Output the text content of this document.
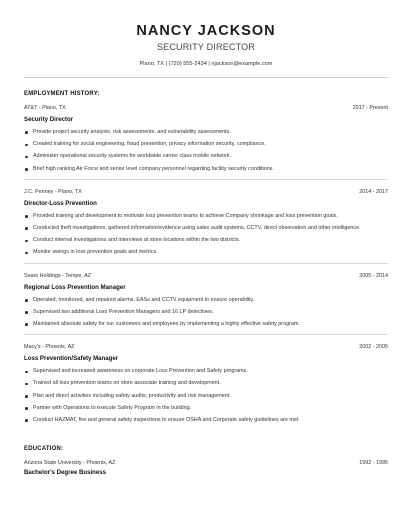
NANCY JACKSON
SECURITY DIRECTOR
Plano, TX | (720) 555-2434 | njackson@example.com
EMPLOYMENT HISTORY:
AT&T - Plano, TX	2017 - Present
Security Director
Provide project security analysis, risk assessments, and vulnerability assessments.
Created training for social engineering, fraud prevention, privacy information security, compliance.
Administer operational security systems for worldwide carrier class mobile network.
Brief high ranking Air Force and senior level company personnel regarding facility security conditions.
J.C. Penney - Plano, TX	2014 - 2017
Director-Loss Prevention
Provided training and development to motivate loss prevention teams to achieve Company shrinkage and loss prevention goals.
Conducted theft investigations, gathered information/evidence using sales audit systems, CCTV, direct observation and other intelligence.
Conduct internal investigations and interviews at store locations within the two districts.
Monitor swings in loss prevention goals and metrics.
Sears Holdings - Tempe, AZ	2005 - 2014
Regional Loss Prevention Manager
Operated, monitored, and repaired alarms, EASs and CCTV equipment to ensure operability.
Supervised two additional Loss Prevention Managers and 16 LP detectives.
Maintained absolute safety for our customers and employees by implementing a highly effective safety program.
Macy's - Phoenix, AZ	2002 - 2005
Loss Prevention/Safety Manager
Supervised and increased awareness on corporate Loss Prevention and Safety programs.
Trained all loss prevention teams on store associate training and development.
Plan and direct activities including safety audits, productivity and risk management.
Partner with Operations to execute Safety Program in the building.
Conduct HAZMAT, fire and general safety inspections to ensure OSHA and Corporate safety guidelines are met.
EDUCATION:
Arizona State University - Phoenix, AZ	1992 - 1995
Bachelor's Degree Business
